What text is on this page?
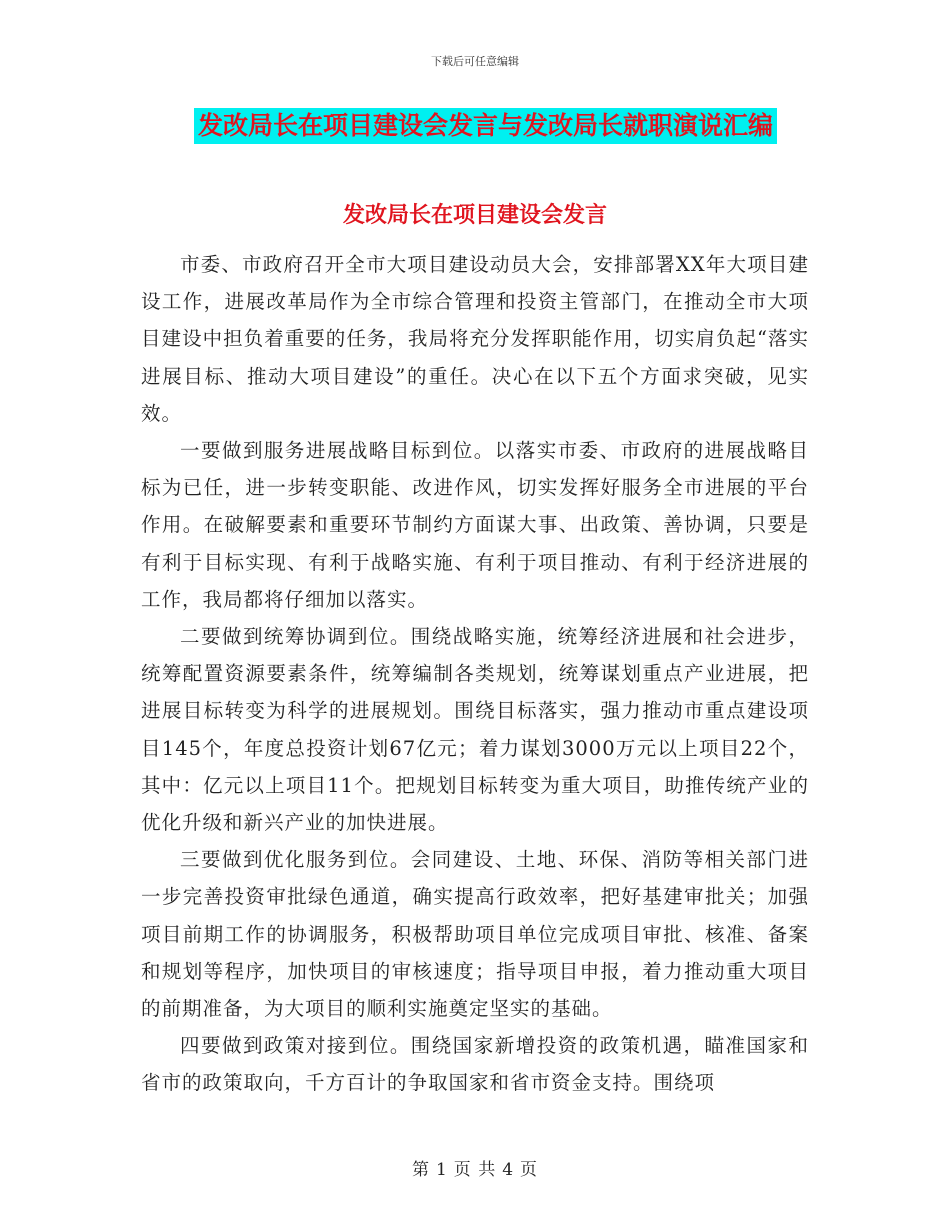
下载后可任意编辑
发改局长在项目建设会发言与发改局长就职演说汇编
发改局长在项目建设会发言

市委、市政府召开全市大项目建设动员大会，安排部署XX年大项目建设工作，进展改革局作为全市综合管理和投资主管部门，在推动全市大项目建设中担负着重要的任务，我局将充分发挥职能作用，切实肩负起“落实进展目标、推动大项目建设”的重任。决心在以下五个方面求突破，见实效。

一要做到服务进展战略目标到位。以落实市委、市政府的进展战略目标为已任，进一步转变职能、改进作风，切实发挥好服务全市进展的平台作用。在破解要素和重要环节制约方面谋大事、出政策、善协调，只要是有利于目标实现、有利于战略实施、有利于项目推动、有利于经济进展的工作，我局都将仔细加以落实。

二要做到统筹协调到位。围绕战略实施，统筹经济进展和社会进步，统筹配置资源要素条件，统筹编制各类规划，统筹谋划重点产业进展，把进展目标转变为科学的进展规划。围绕目标落实，强力推动市重点建设项目145个，年度总投资计划67亿元；着力谋划3000万元以上项目22个，其中：亿元以上项目11个。把规划目标转变为重大项目，助推传统产业的优化升级和新兴产业的加快进展。

三要做到优化服务到位。会同建设、土地、环保、消防等相关部门进一步完善投资审批绿色通道，确实提高行政效率，把好基建审批关；加强项目前期工作的协调服务，积极帮助项目单位完成项目审批、核准、备案和规划等程序，加快项目的审核速度；指导项目申报，着力推动重大项目的前期准备，为大项目的顺利实施奠定坚实的基础。

四要做到政策对接到位。围绕国家新增投资的政策机遇，瞄准国家和省市的政策取向，千方百计的争取国家和省市资金支持。围绕项

第 1 页 共 4 页
